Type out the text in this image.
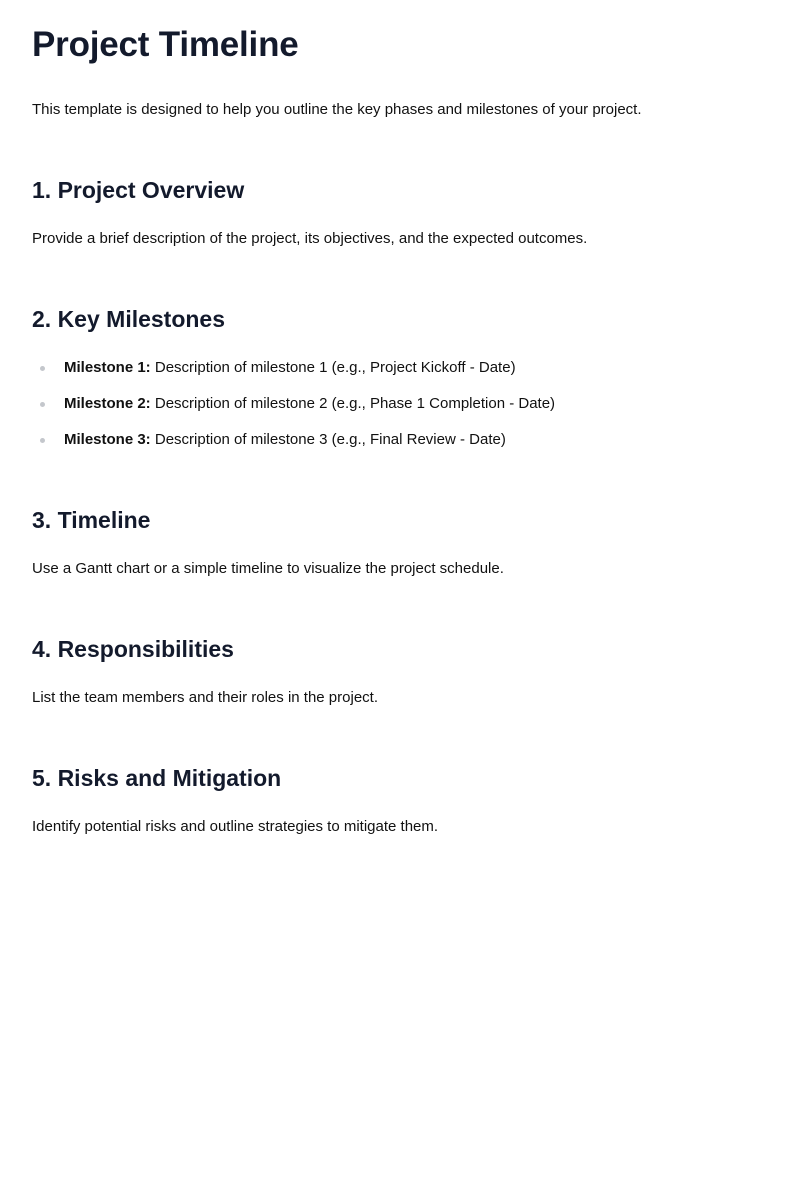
Project Timeline

This template is designed to help you outline the key phases and milestones of your project.

1. Project Overview

Provide a brief description of the project, its objectives, and the expected outcomes.

2. Key Milestones
Milestone 1: Description of milestone 1 (e.g., Project Kickoff - Date)
Milestone 2: Description of milestone 2 (e.g., Phase 1 Completion - Date)
Milestone 3: Description of milestone 3 (e.g., Final Review - Date)
3. Timeline

Use a Gantt chart or a simple timeline to visualize the project schedule.

4. Responsibilities

List the team members and their roles in the project.

5. Risks and Mitigation

Identify potential risks and outline strategies to mitigate them.
